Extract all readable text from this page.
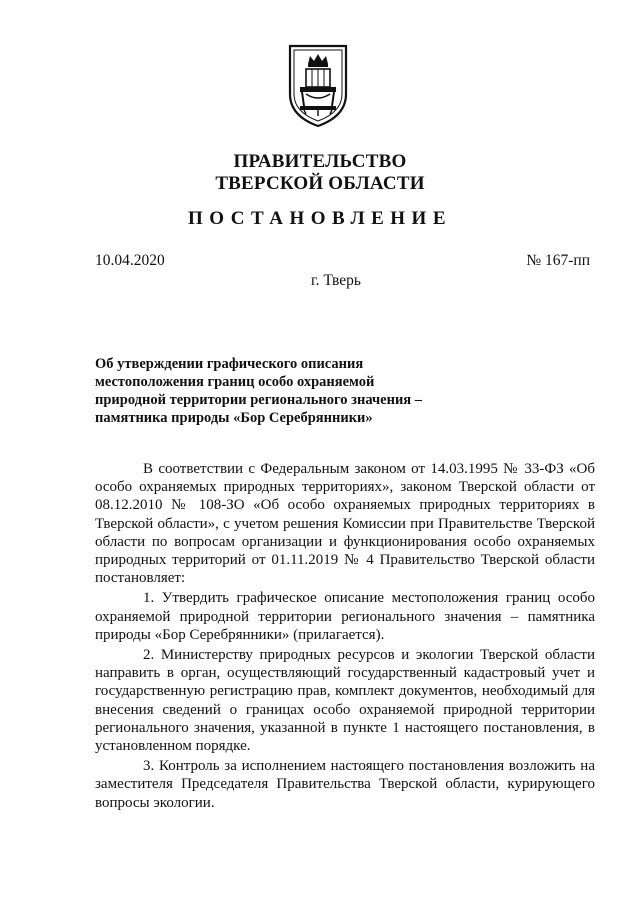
ПРАВИТЕЛЬСТВО
ТВЕРСКОЙ ОБЛАСТИ
ПОСТАНОВЛЕНИЕ
10.04.2020	№ 167-пп
г. Тверь
Об утверждении графического описания
местоположения границ особо охраняемой
природной территории регионального значения –
памятника природы «Бор Серебрянники»

В соответствии с Федеральным законом от 14.03.1995 № 33-ФЗ «Об особо охраняемых природных территориях», законом Тверской области от 08.12.2010 № 108-ЗО «Об особо охраняемых природных территориях в Тверской области», с учетом решения Комиссии при Правительстве Тверской области по вопросам организации и функционирования особо охраняемых природных территорий от 01.11.2019 № 4 Правительство Тверской области постановляет:

1. Утвердить графическое описание местоположения границ особо охраняемой природной территории регионального значения – памятника природы «Бор Серебрянники» (прилагается).

2. Министерству природных ресурсов и экологии Тверской области направить в орган, осуществляющий государственный кадастровый учет и государственную регистрацию прав, комплект документов, необходимый для внесения сведений о границах особо охраняемой природной территории регионального значения, указанной в пункте 1 настоящего постановления, в установленном порядке.

3. Контроль за исполнением настоящего постановления возложить на заместителя Председателя Правительства Тверской области, курирующего вопросы экологии.
